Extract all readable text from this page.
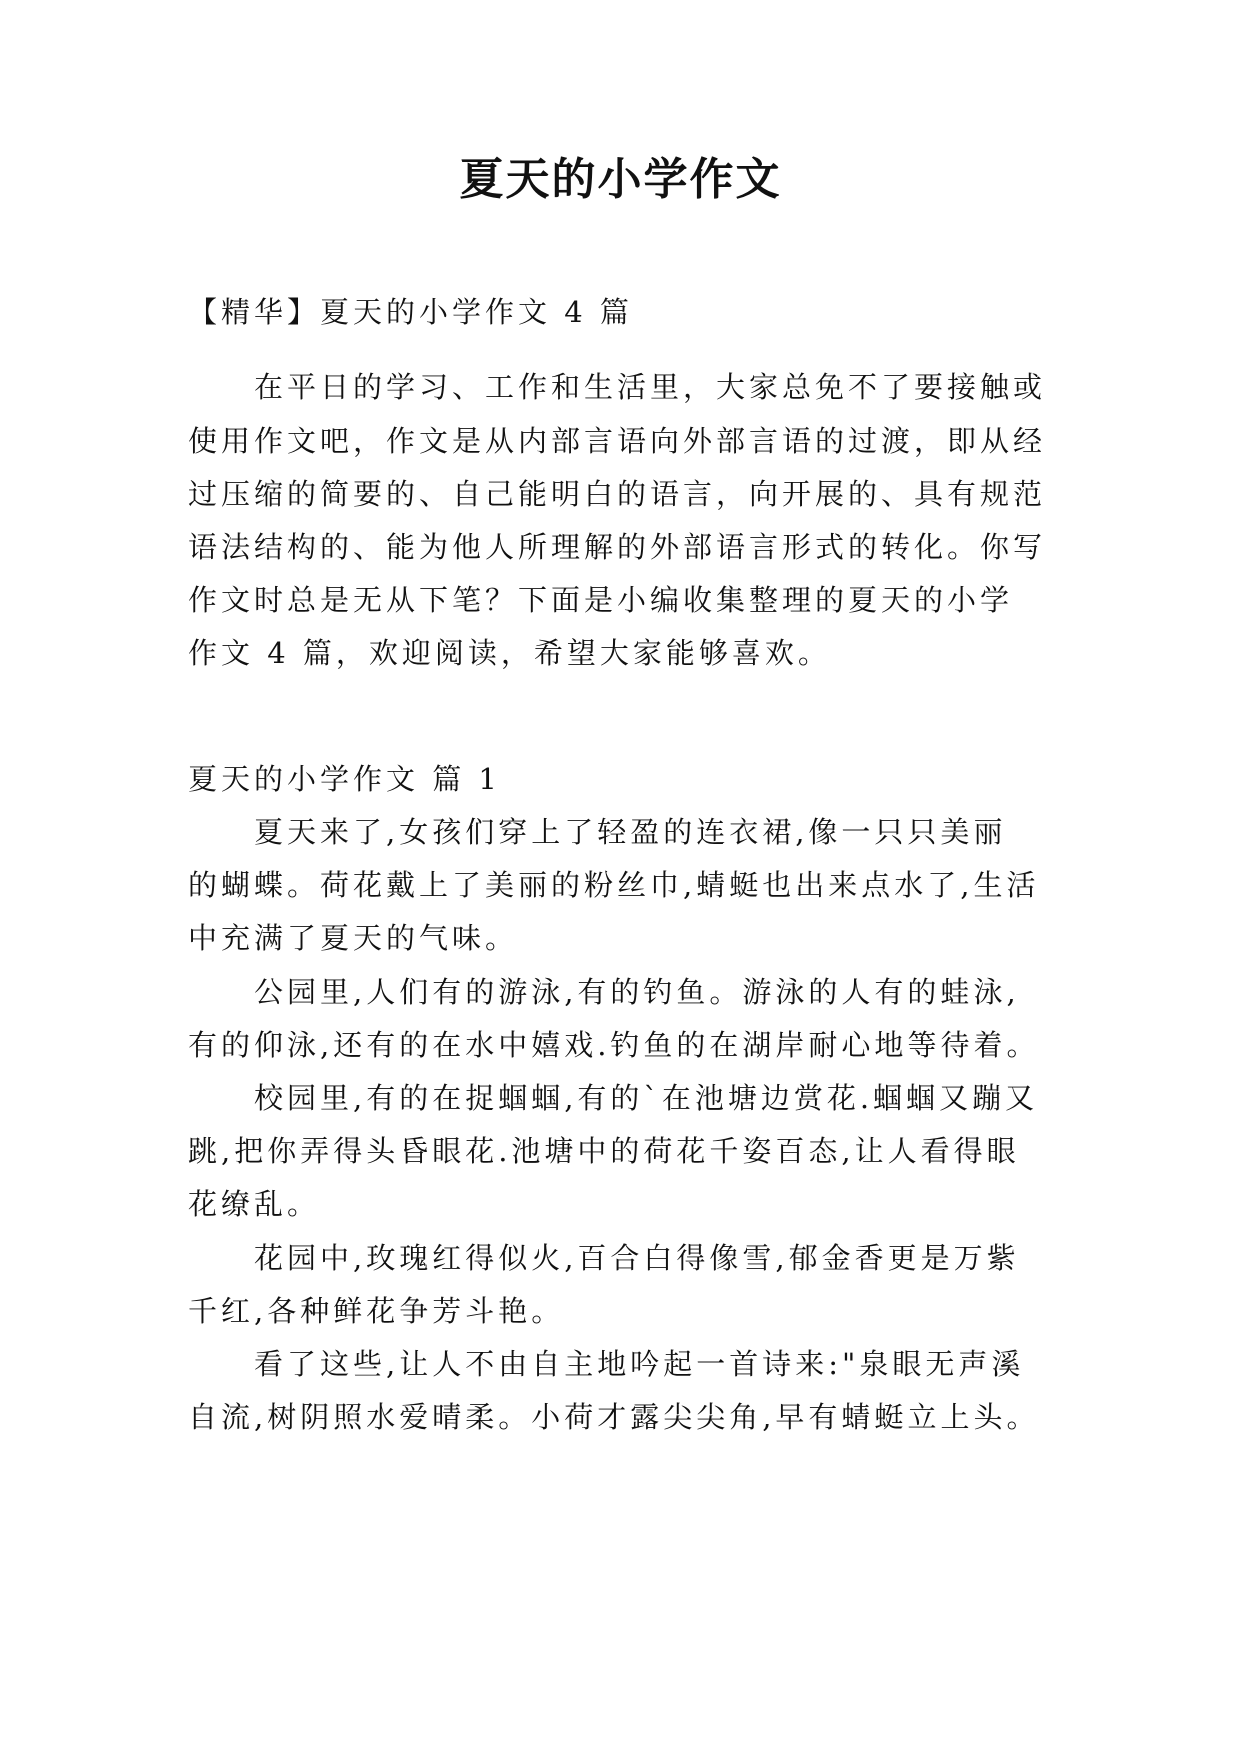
夏天的小学作文
【精华】夏天的小学作文 4 篇
在平日的学习、工作和生活里，大家总免不了要接触或
使用作文吧，作文是从内部言语向外部言语的过渡，即从经
过压缩的简要的、自己能明白的语言，向开展的、具有规范
语法结构的、能为他人所理解的外部语言形式的转化。你写
作文时总是无从下笔？下面是小编收集整理的夏天的小学
作文 4 篇，欢迎阅读，希望大家能够喜欢。
夏天的小学作文 篇 1
夏天来了,女孩们穿上了轻盈的连衣裙,像一只只美丽
的蝴蝶。荷花戴上了美丽的粉丝巾,蜻蜓也出来点水了,生活
中充满了夏天的气味。
公园里,人们有的游泳,有的钓鱼。游泳的人有的蛙泳,
有的仰泳,还有的在水中嬉戏.钓鱼的在湖岸耐心地等待着。
校园里,有的在捉蝈蝈,有的`在池塘边赏花.蝈蝈又蹦又
跳,把你弄得头昏眼花.池塘中的荷花千姿百态,让人看得眼
花缭乱。
花园中,玫瑰红得似火,百合白得像雪,郁金香更是万紫
千红,各种鲜花争芳斗艳。
看了这些,让人不由自主地吟起一首诗来:"泉眼无声溪
自流,树阴照水爱晴柔。小荷才露尖尖角,早有蜻蜓立上头。
